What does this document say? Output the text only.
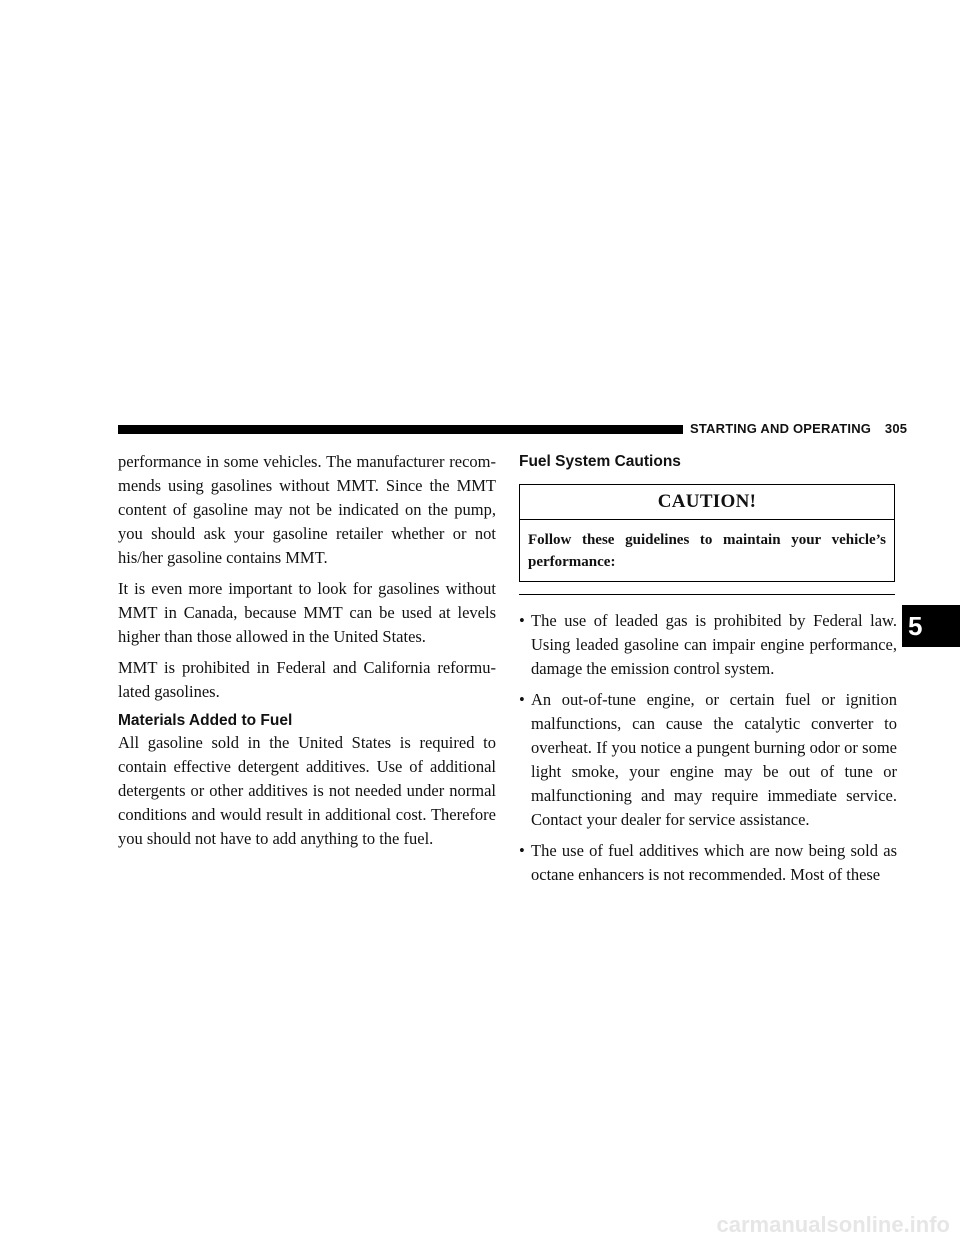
STARTING AND OPERATING 305

performance in some vehicles. The manufacturer recom-mends using gasolines without MMT. Since the MMT content of gasoline may not be indicated on the pump, you should ask your gasoline retailer whether or not his/her gasoline contains MMT.

It is even more important to look for gasolines without MMT in Canada, because MMT can be used at levels higher than those allowed in the United States.

MMT is prohibited in Federal and California reformu-lated gasolines.

Materials Added to Fuel

All gasoline sold in the United States is required to contain effective detergent additives. Use of additional detergents or other additives is not needed under normal conditions and would result in additional cost. Therefore you should not have to add anything to the fuel.

Fuel System Cautions
CAUTION!
Follow these guidelines to maintain your vehicle’s performance:
• The use of leaded gas is prohibited by Federal law. Using leaded gasoline can impair engine performance, damage the emission control system.
• An out-of-tune engine, or certain fuel or ignition malfunctions, can cause the catalytic converter to overheat. If you notice a pungent burning odor or some light smoke, your engine may be out of tune or malfunctioning and may require immediate service. Contact your dealer for service assistance.
• The use of fuel additives which are now being sold as octane enhancers is not recommended. Most of these
5
carmanualsonline.info
